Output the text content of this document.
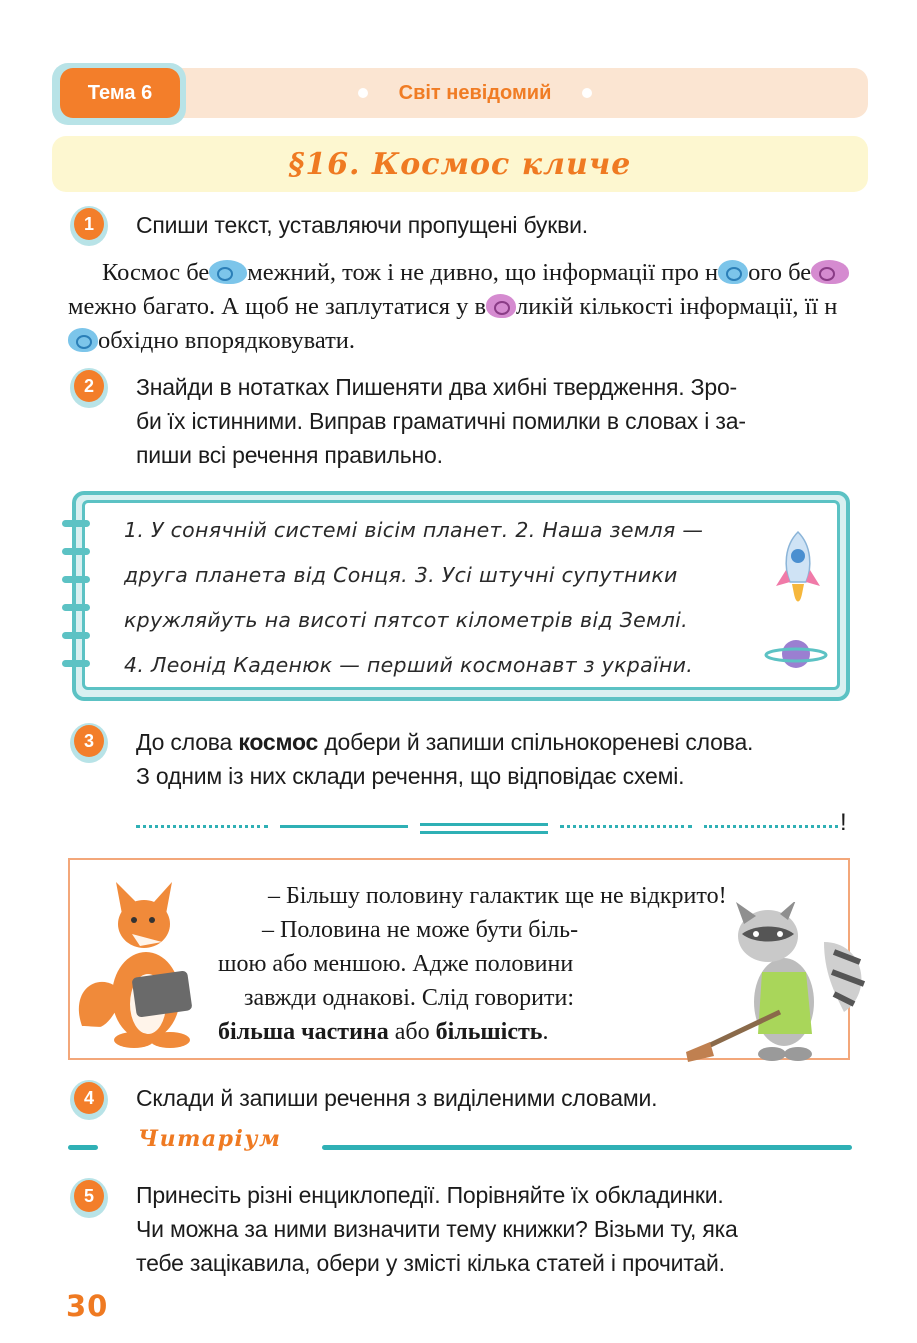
Тема 6	Світ невідомий
§16. Космос кличе
1	Спиши текст, уставляючи пропущені букви.
Космос бе межний, тож і не дивно, що інформації про н ого бемежно багато. А щоб не заплутатися у в ликій кількості інформації, її нобхідно впорядковувати.
2	Знайди в нотатках Пишеняти два хибні твердження. Зро-
би їх істинними. Виправ граматичні помилки в словах і за-
пиши всі речення правильно.
1. У сонячній системі вісім планет. 2. Наша земля —
друга планета від Сонця. 3. Усі штучні супутники
кружляйуть на висоті пятсот кілометрів від Землі.
4. Леонід Каденюк — перший космонавт з україни.
3	До слова космос добери й запиши спільнокореневі слова.
З одним із них склади речення, що відповідає схемі.
!
– Більшу половину галактик ще не відкрито!
– Половина не може бути біль-
шою або меншою. Адже половини
завжди однакові. Слід говорити:
більша частина або більшість.
4	Склади й запиши речення з виділеними словами.
Читаріум
5	Принесіть різні енциклопедії. Порівняйте їх обкладинки.
Чи можна за ними визначити тему книжки? Візьми ту, яка
тебе зацікавила, обери у змісті кілька статей і прочитай.
30
